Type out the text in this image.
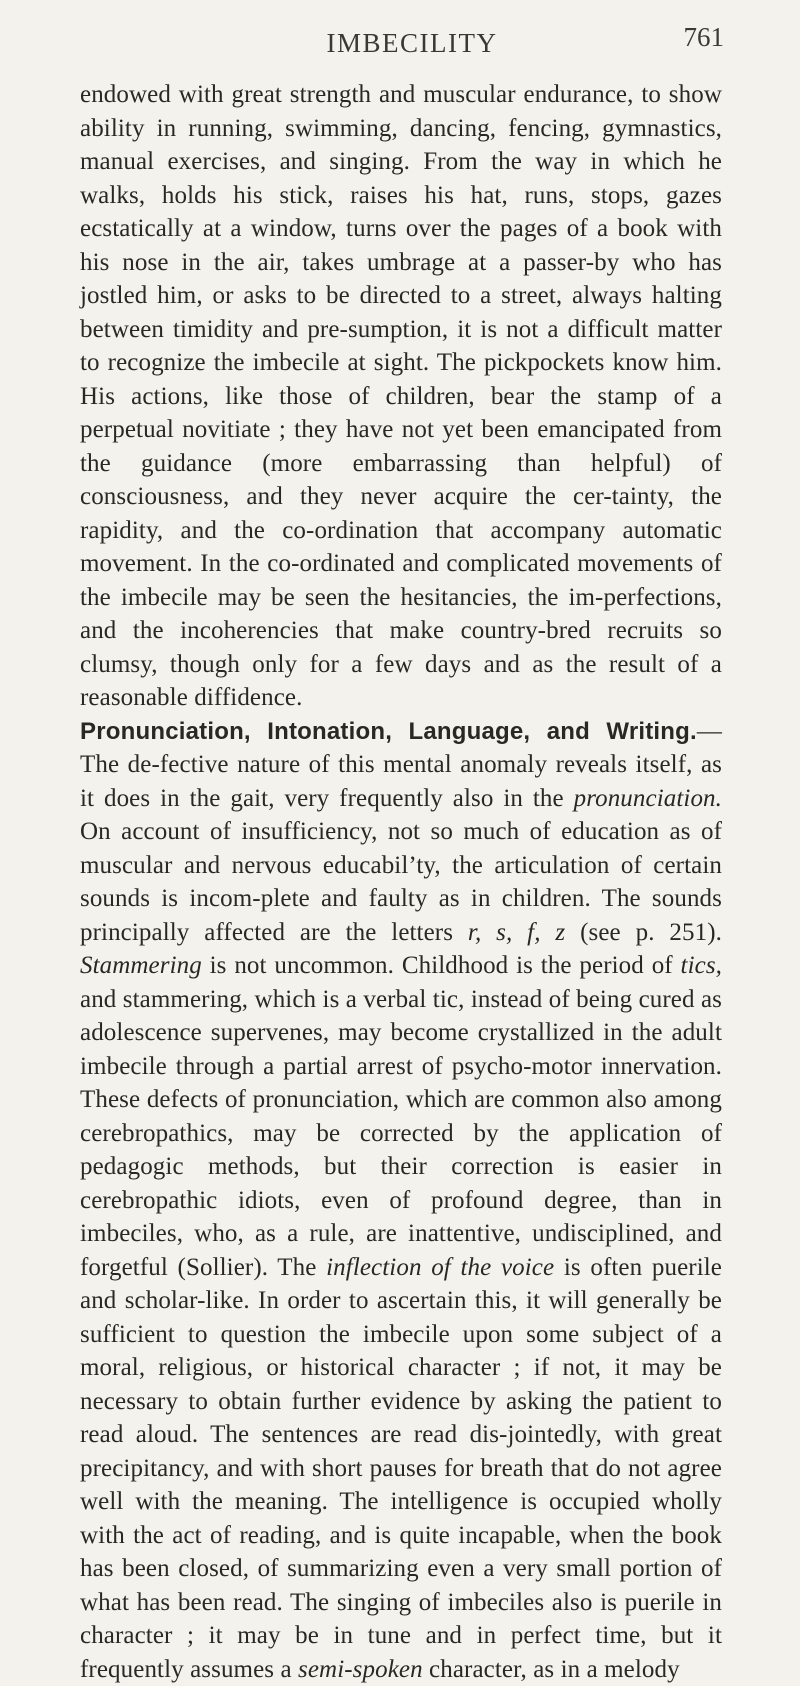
IMBECILITY	761

endowed with great strength and muscular endurance, to show ability in running, swimming, dancing, fencing, gymnastics, manual exercises, and singing. From the way in which he walks, holds his stick, raises his hat, runs, stops, gazes ecstatically at a window, turns over the pages of a book with his nose in the air, takes umbrage at a passer-by who has jostled him, or asks to be directed to a street, always halting between timidity and pre-sumption, it is not a difficult matter to recognize the imbecile at sight. The pickpockets know him. His actions, like those of children, bear the stamp of a perpetual novitiate ; they have not yet been emancipated from the guidance (more embarrassing than helpful) of consciousness, and they never acquire the cer-tainty, the rapidity, and the co-ordination that accompany automatic movement. In the co-ordinated and complicated movements of the imbecile may be seen the hesitancies, the im-perfections, and the incoherencies that make country-bred recruits so clumsy, though only for a few days and as the result of a reasonable diffidence.

Pronunciation, Intonation, Language, and Writing.—The de-fective nature of this mental anomaly reveals itself, as it does in the gait, very frequently also in the pronunciation. On account of insufficiency, not so much of education as of muscular and nervous educabil’ty, the articulation of certain sounds is incom-plete and faulty as in children. The sounds principally affected are the letters r, s, f, z (see p. 251). Stammering is not uncommon. Childhood is the period of tics, and stammering, which is a verbal tic, instead of being cured as adolescence supervenes, may become crystallized in the adult imbecile through a partial arrest of psycho-motor innervation. These defects of pronunciation, which are common also among cerebropathics, may be corrected by the application of pedagogic methods, but their correction is easier in cerebropathic idiots, even of profound degree, than in imbeciles, who, as a rule, are inattentive, undisciplined, and forgetful (Sollier). The inflection of the voice is often puerile and scholar-like. In order to ascertain this, it will generally be sufficient to question the imbecile upon some subject of a moral, religious, or historical character ; if not, it may be necessary to obtain further evidence by asking the patient to read aloud. The sentences are read dis-jointedly, with great precipitancy, and with short pauses for breath that do not agree well with the meaning. The intelligence is occupied wholly with the act of reading, and is quite incapable, when the book has been closed, of summarizing even a very small portion of what has been read. The singing of imbeciles also is puerile in character ; it may be in tune and in perfect time, but it frequently assumes a semi-spoken character, as in a melody
